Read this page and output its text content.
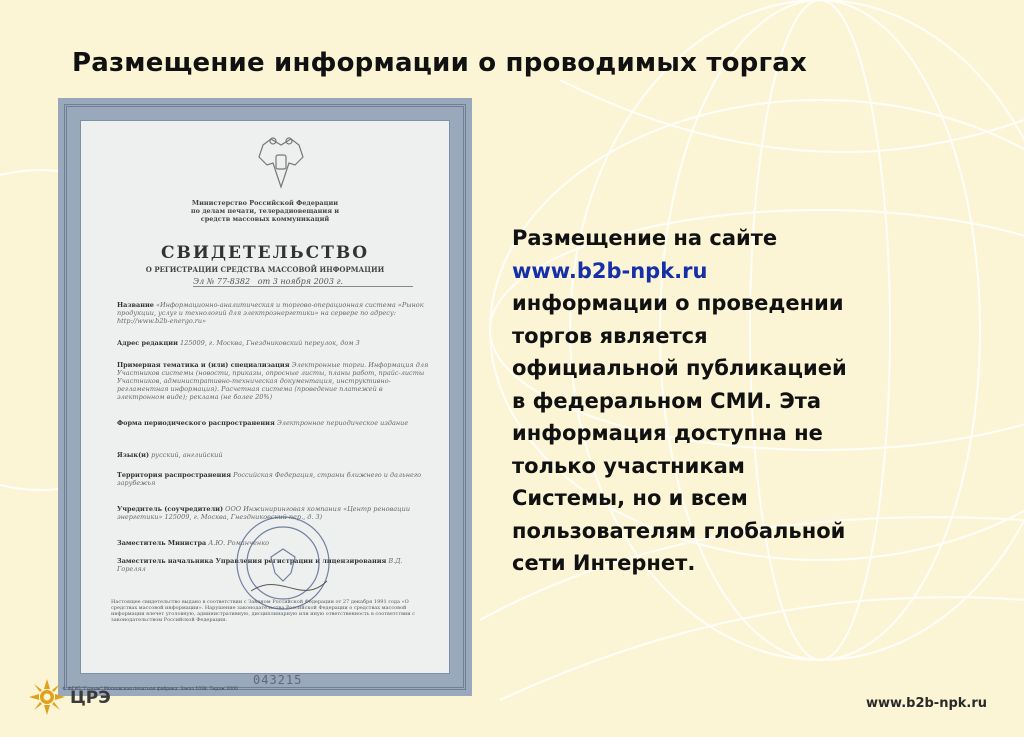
Размещение информации о проводимых торгах
Министерство Российской Федерации
по делам печати, телерадиовещания и
средств массовых коммуникаций
СВИДЕТЕЛЬСТВО
О РЕГИСТРАЦИИ СРЕДСТВА МАССОВОЙ ИНФОРМАЦИИ
Эл № 77-8382 от 3 ноября 2003 г.
Название «Информационно-аналитическая и торгово-операционная система «Рынок продукции, услуг и технологий для электроэнергетики» на сервере по адресу: http://www.b2b-energo.ru»
Адрес редакции 125009, г. Москва, Гнездниковский переулок, дом 3
Примерная тематика и (или) специализация Электронные торги. Информация для Участников системы (новости, приказы, опросные листы, планы работ, прайс-листы Участников, административно-техническая документация, инструктивно-регламентная информация). Расчетная система (проведение платежей в электронном виде); реклама (не более 20%)
Форма периодического распространения Электронное периодическое издание
Язык(и) русский, английский
Территория распространения Российская Федерация, страны ближнего и дальнего зарубежья
Учредитель (соучредители) ООО Инжиниринговая компания «Центр реновации энергетики» 125009, г. Москва, Гнездниковский пер., д. 3)
Заместитель Министра А.Ю. Романченко
Заместитель начальника Управления регистрации и лицензирования В.Д. Горелял
Настоящее свидетельство выдано в соответствии с Законом Российской Федерации от 27 декабря 1991 года «О средствах массовой информации». Нарушение законодательства Российской Федерации о средствах массовой информации влечет уголовную, административную, дисциплинарную или иную ответственность в соответствии с законодательством Российской Федерации.
043215
© ФГУП "Гознак" Московская печатная фабрика. Заказ 1038. Тираж 2000
Размещение на сайте
www.b2b-npk.ru
информации о проведении
торгов является
официальной публикацией
в федеральном СМИ. Эта
информация доступна не
только участникам
Системы, но и всем
пользователям глобальной
сети Интернет.
ЦРЭ	www.b2b-npk.ru
